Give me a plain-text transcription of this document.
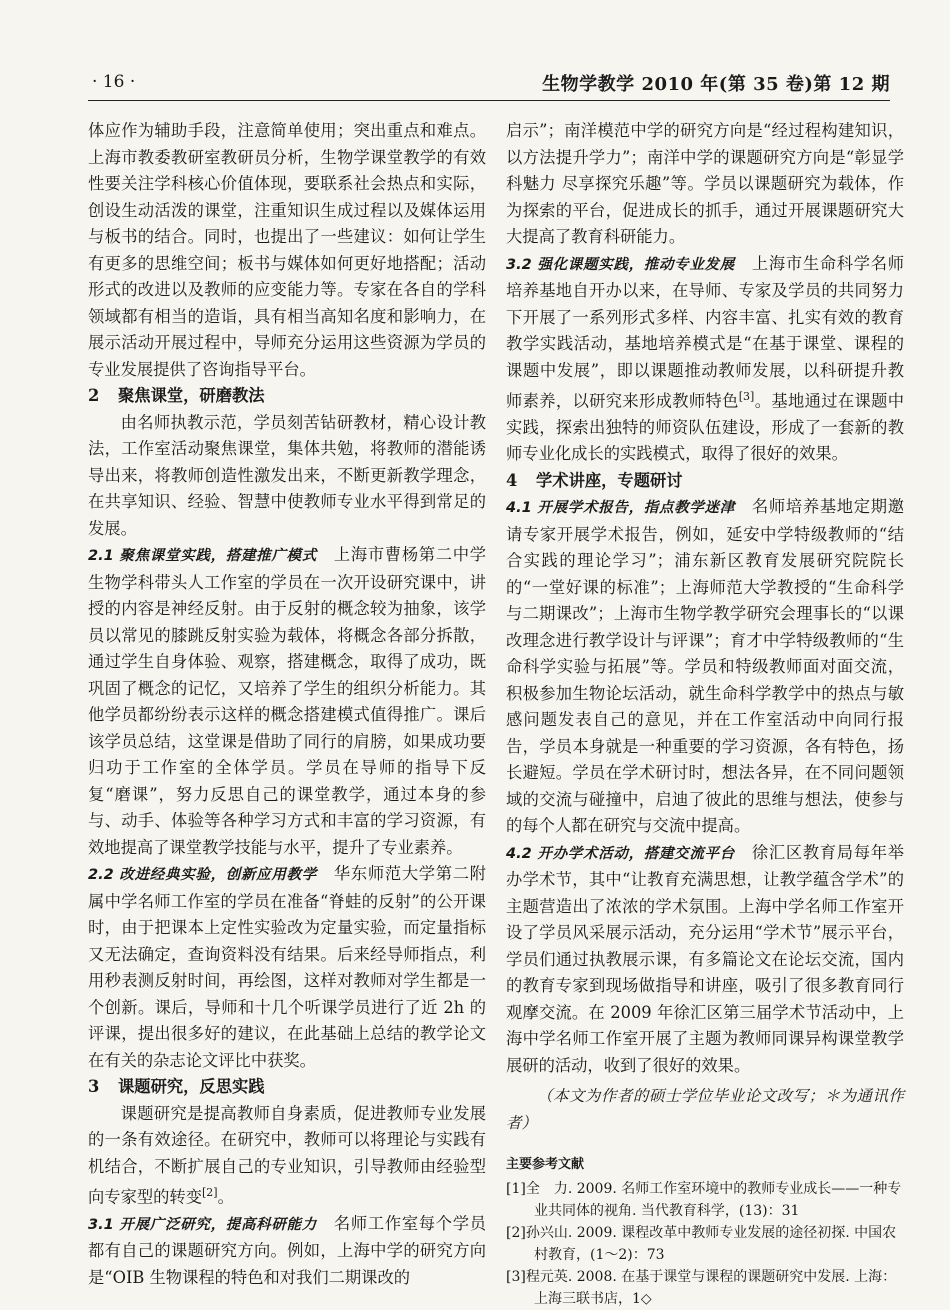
· 16 ·	生物学教学 2010 年(第 35 卷)第 12 期

体应作为辅助手段，注意简单使用；突出重点和难点。上海市教委教研室教研员分析，生物学课堂教学的有效性要关注学科核心价值体现，要联系社会热点和实际，创设生动活泼的课堂，注重知识生成过程以及媒体运用与板书的结合。同时，也提出了一些建议：如何让学生有更多的思维空间；板书与媒体如何更好地搭配；活动形式的改进以及教师的应变能力等。专家在各自的学科领域都有相当的造诣，具有相当高知名度和影响力，在展示活动开展过程中，导师充分运用这些资源为学员的专业发展提供了咨询指导平台。

2 聚焦课堂，研磨教法

由名师执教示范，学员刻苦钻研教材，精心设计教法，工作室活动聚焦课堂，集体共勉，将教师的潜能诱导出来，将教师创造性激发出来，不断更新教学理念，在共享知识、经验、智慧中使教师专业水平得到常足的发展。

2.1 聚焦课堂实践，搭建推广模式　 上海市曹杨第二中学生物学科带头人工作室的学员在一次开设研究课中，讲授的内容是神经反射。由于反射的概念较为抽象，该学员以常见的膝跳反射实验为载体，将概念各部分拆散，通过学生自身体验、观察，搭建概念，取得了成功，既巩固了概念的记忆，又培养了学生的组织分析能力。其他学员都纷纷表示这样的概念搭建模式值得推广。课后该学员总结，这堂课是借助了同行的肩膀，如果成功要归功于工作室的全体学员。学员在导师的指导下反复“磨课”，努力反思自己的课堂教学，通过本身的参与、动手、体验等各种学习方式和丰富的学习资源，有效地提高了课堂教学技能与水平，提升了专业素养。

2.2 改进经典实验，创新应用教学　 华东师范大学第二附属中学名师工作室的学员在准备“脊蛙的反射”的公开课时，由于把课本上定性实验改为定量实验，而定量指标又无法确定，查询资料没有结果。后来经导师指点，利用秒表测反射时间，再绘图，这样对教师对学生都是一个创新。课后，导师和十几个听课学员进行了近 2h 的评课，提出很多好的建议，在此基础上总结的教学论文在有关的杂志论文评比中获奖。

3 课题研究，反思实践

课题研究是提高教师自身素质，促进教师专业发展的一条有效途径。在研究中，教师可以将理论与实践有机结合，不断扩展自己的专业知识，引导教师由经验型向专家型的转变[2]。

3.1 开展广泛研究，提高科研能力　 名师工作室每个学员都有自己的课题研究方向。例如，上海中学的研究方向是“OIB 生物课程的特色和对我们二期课改的

启示”；南洋模范中学的研究方向是“经过程构建知识，以方法提升学力”；南洋中学的课题研究方向是“彰显学科魅力 尽享探究乐趣”等。学员以课题研究为载体，作为探索的平台，促进成长的抓手，通过开展课题研究大大提高了教育科研能力。

3.2 强化课题实践，推动专业发展　 上海市生命科学名师培养基地自开办以来，在导师、专家及学员的共同努力下开展了一系列形式多样、内容丰富、扎实有效的教育教学实践活动，基地培养模式是“在基于课堂、课程的课题中发展”，即以课题推动教师发展，以科研提升教师素养，以研究来形成教师特色[3]。基地通过在课题中实践，探索出独特的师资队伍建设，形成了一套新的教师专业化成长的实践模式，取得了很好的效果。

4 学术讲座，专题研讨

4.1 开展学术报告，指点教学迷津　 名师培养基地定期邀请专家开展学术报告，例如，延安中学特级教师的“结合实践的理论学习”；浦东新区教育发展研究院院长的“一堂好课的标准”；上海师范大学教授的“生命科学与二期课改”；上海市生物学教学研究会理事长的“以课改理念进行教学设计与评课”；育才中学特级教师的“生命科学实验与拓展”等。学员和特级教师面对面交流，积极参加生物论坛活动，就生命科学教学中的热点与敏感问题发表自己的意见，并在工作室活动中向同行报告，学员本身就是一种重要的学习资源，各有特色，扬长避短。学员在学术研讨时，想法各异，在不同问题领域的交流与碰撞中，启迪了彼此的思维与想法，使参与的每个人都在研究与交流中提高。

4.2 开办学术活动，搭建交流平台　 徐汇区教育局每年举办学术节，其中“让教育充满思想，让教学蕴含学术”的主题营造出了浓浓的学术氛围。上海中学名师工作室开设了学员风采展示活动，充分运用“学术节”展示平台，学员们通过执教展示课，有多篇论文在论坛交流，国内的教育专家到现场做指导和讲座，吸引了很多教育同行观摩交流。在 2009 年徐汇区第三届学术节活动中，上海中学名师工作室开展了主题为教师同课异构课堂教学展研的活动，收到了很好的效果。

（本文为作者的硕士学位毕业论文改写；＊为通讯作者）

主要参考文献
[1]全　力. 2009. 名师工作室环境中的教师专业成长——一种专业共同体的视角. 当代教育科学，(13)：31
[2]孙兴山. 2009. 课程改革中教师专业发展的途径初探. 中国农村教育，(1～2)：73
[3]程元英. 2008. 在基于课堂与课程的课题研究中发展. 上海：上海三联书店，1◇
